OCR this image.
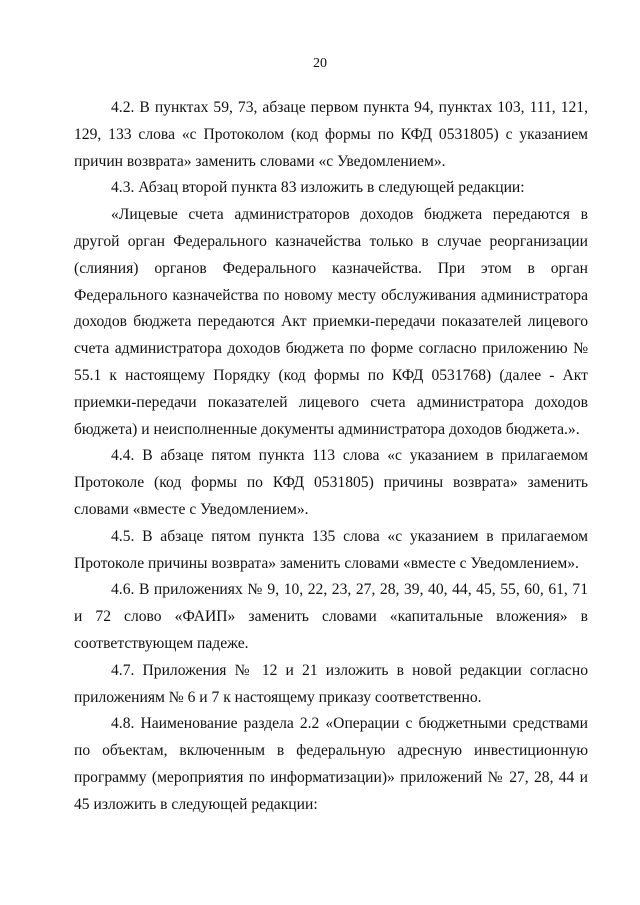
20

4.2. В пунктах 59, 73, абзаце первом пункта 94, пунктах 103, 111, 121, 129, 133 слова «с Протоколом (код формы по КФД 0531805) с указанием причин возврата» заменить словами «с Уведомлением».

4.3. Абзац второй пункта 83 изложить в следующей редакции:

«Лицевые счета администраторов доходов бюджета передаются в другой орган Федерального казначейства только в случае реорганизации (слияния) органов Федерального казначейства. При этом в орган Федерального казначейства по новому месту обслуживания администратора доходов бюджета передаются Акт приемки-передачи показателей лицевого счета администратора доходов бюджета по форме согласно приложению № 55.1 к настоящему Порядку (код формы по КФД 0531768) (далее - Акт приемки-передачи показателей лицевого счета администратора доходов бюджета) и неисполненные документы администратора доходов бюджета.».

4.4. В абзаце пятом пункта 113 слова «с указанием в прилагаемом Протоколе (код формы по КФД 0531805) причины возврата» заменить словами «вместе с Уведомлением».

4.5. В абзаце пятом пункта 135 слова «с указанием в прилагаемом Протоколе причины возврата» заменить словами «вместе с Уведомлением».

4.6. В приложениях № 9, 10, 22, 23, 27, 28, 39, 40, 44, 45, 55, 60, 61, 71 и 72 слово «ФАИП» заменить словами «капитальные вложения» в соответствующем падеже.

4.7. Приложения № 12 и 21 изложить в новой редакции согласно приложениям № 6 и 7 к настоящему приказу соответственно.

4.8. Наименование раздела 2.2 «Операции с бюджетными средствами по объектам, включенным в федеральную адресную инвестиционную программу (мероприятия по информатизации)» приложений № 27, 28, 44 и 45 изложить в следующей редакции:
